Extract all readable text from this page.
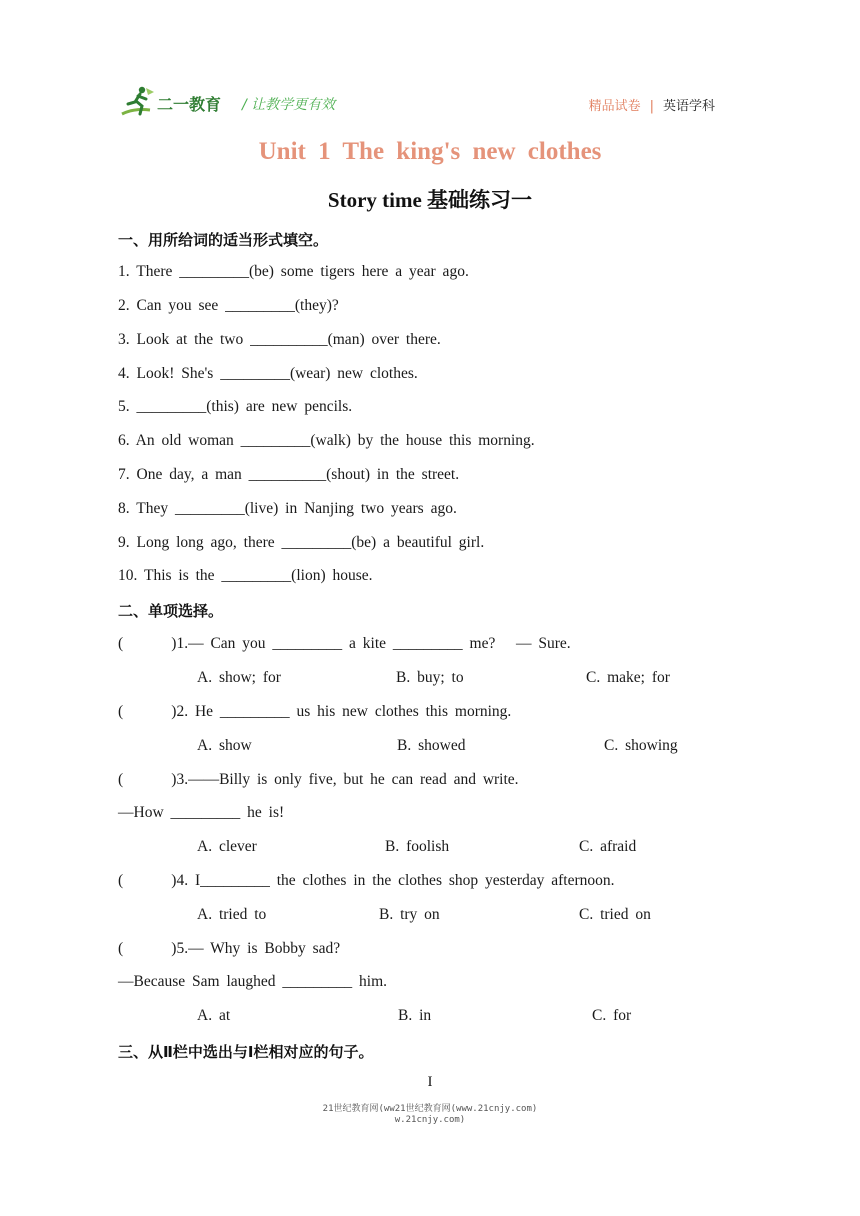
二一教育 / 让教学更有效	精品试卷 | 英语学科
Unit 1 The king's new clothes
Story time 基础练习一
一、用所给词的适当形式填空。
1. There _________(be) some tigers here a year ago.
2. Can you see _________(they)?
3. Look at the two __________(man) over there.
4. Look! She's _________(wear) new clothes.
5. _________(this) are new pencils.
6. An old woman _________(walk) by the house this morning.
7. One day, a man __________(shout) in the street.
8. They _________(live) in Nanjing two years ago.
9. Long long ago, there _________(be) a beautiful girl.
10. This is the _________(lion) house.
二、单项选择。
(       )1.— Can you _________ a kite _________ me?   — Sure.
A. show; for	B. buy; to	C. make; for
(       )2. He _________ us his new clothes this morning.
A. show	B. showed	C. showing
(       )3.——Billy is only five, but he can read and write.
—How _________ he is!
A. clever	B. foolish	C. afraid
(       )4. I_________ the clothes in the clothes shop yesterday afternoon.
A. tried to	B. try on	C. tried on
(       )5.— Why is Bobby sad?
—Because Sam laughed _________ him.
A. at	B. in	C. for
三、从Ⅱ栏中选出与Ⅰ栏相对应的句子。
I
21世纪教育网(ww21世纪教育网(www.21cnjy.com)
w.21cnjy.com)
